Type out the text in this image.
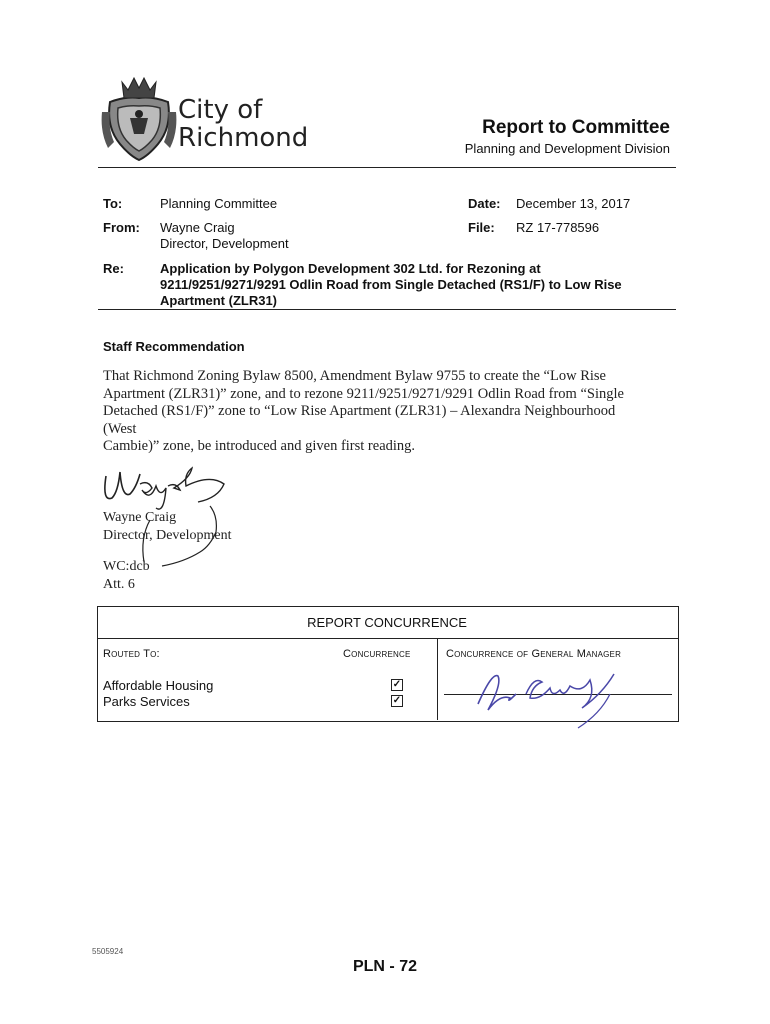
City of
Richmond	Report to Committee
Planning and Development Division
To:	Planning Committee	Date: December 13, 2017
From: Wayne Craig
Director, Development
File: RZ 17-778596
Re:	Application by Polygon Development 302 Ltd. for Rezoning at
9211/9251/9271/9291 Odlin Road from Single Detached (RS1/F) to Low Rise
Apartment (ZLR31)
Staff Recommendation
That Richmond Zoning Bylaw 8500, Amendment Bylaw 9755 to create the “Low Rise
Apartment (ZLR31)” zone, and to rezone 9211/9251/9271/9291 Odlin Road from “Single
Detached (RS1/F)” zone to “Low Rise Apartment (ZLR31) – Alexandra Neighbourhood (West
Cambie)” zone, be introduced and given first reading.
Wayne Craig
Director, Development
WC:dcb
Att. 6
REPORT CONCURRENCE
Routed To:	Concurrence	Concurrence of General Manager
Affordable Housing	✓
Parks Services	✓
5505924
PLN - 72
